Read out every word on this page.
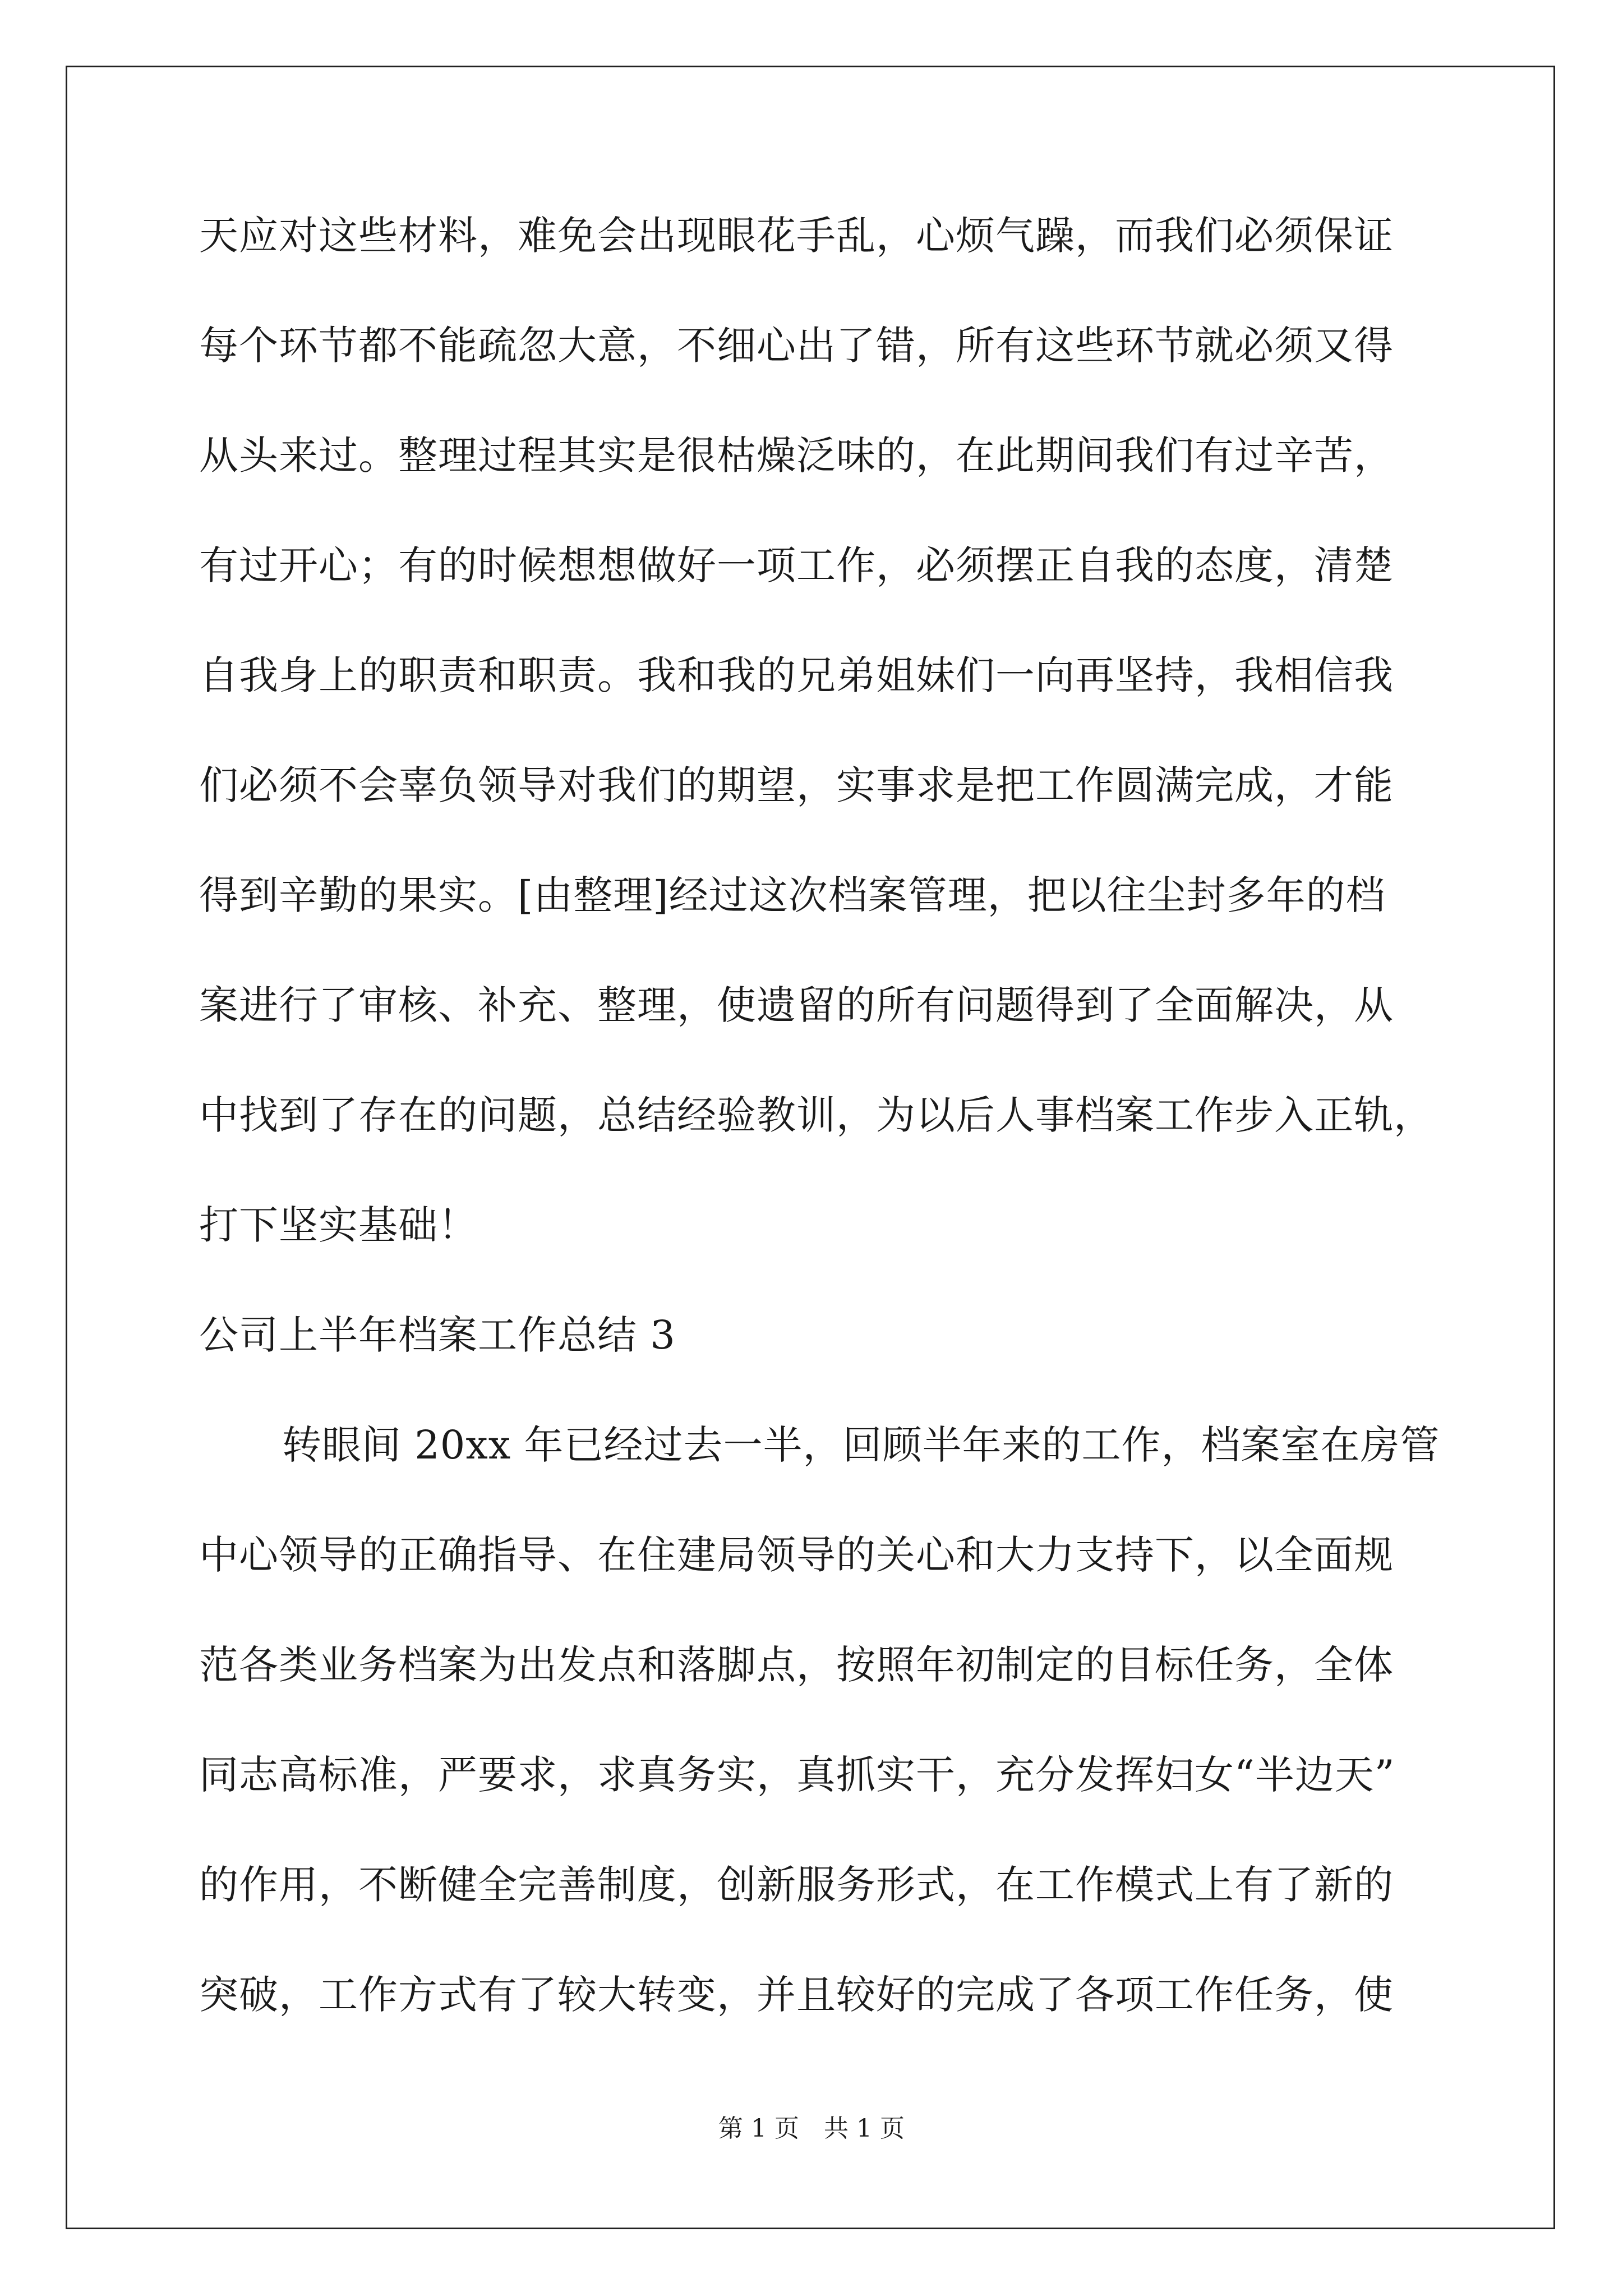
天应对这些材料，难免会出现眼花手乱，心烦气躁，而我们必须保证
每个环节都不能疏忽大意，不细心出了错，所有这些环节就必须又得
从头来过。整理过程其实是很枯燥泛味的，在此期间我们有过辛苦，
有过开心；有的时候想想做好一项工作，必须摆正自我的态度，清楚
自我身上的职责和职责。我和我的兄弟姐妹们一向再坚持，我相信我
们必须不会辜负领导对我们的期望，实事求是把工作圆满完成，才能
得到辛勤的果实。[由整理]经过这次档案管理，把以往尘封多年的档
案进行了审核、补充、整理，使遗留的所有问题得到了全面解决，从
中找到了存在的问题，总结经验教训，为以后人事档案工作步入正轨，
打下坚实基础！
公司上半年档案工作总结 3
转眼间 20xx 年已经过去一半，回顾半年来的工作，档案室在房管
中心领导的正确指导、在住建局领导的关心和大力支持下，以全面规
范各类业务档案为出发点和落脚点，按照年初制定的目标任务，全体
同志高标准，严要求，求真务实，真抓实干，充分发挥妇女“半边天”
的作用，不断健全完善制度，创新服务形式，在工作模式上有了新的
突破，工作方式有了较大转变，并且较好的完成了各项工作任务，使
第 1 页　共 1 页
